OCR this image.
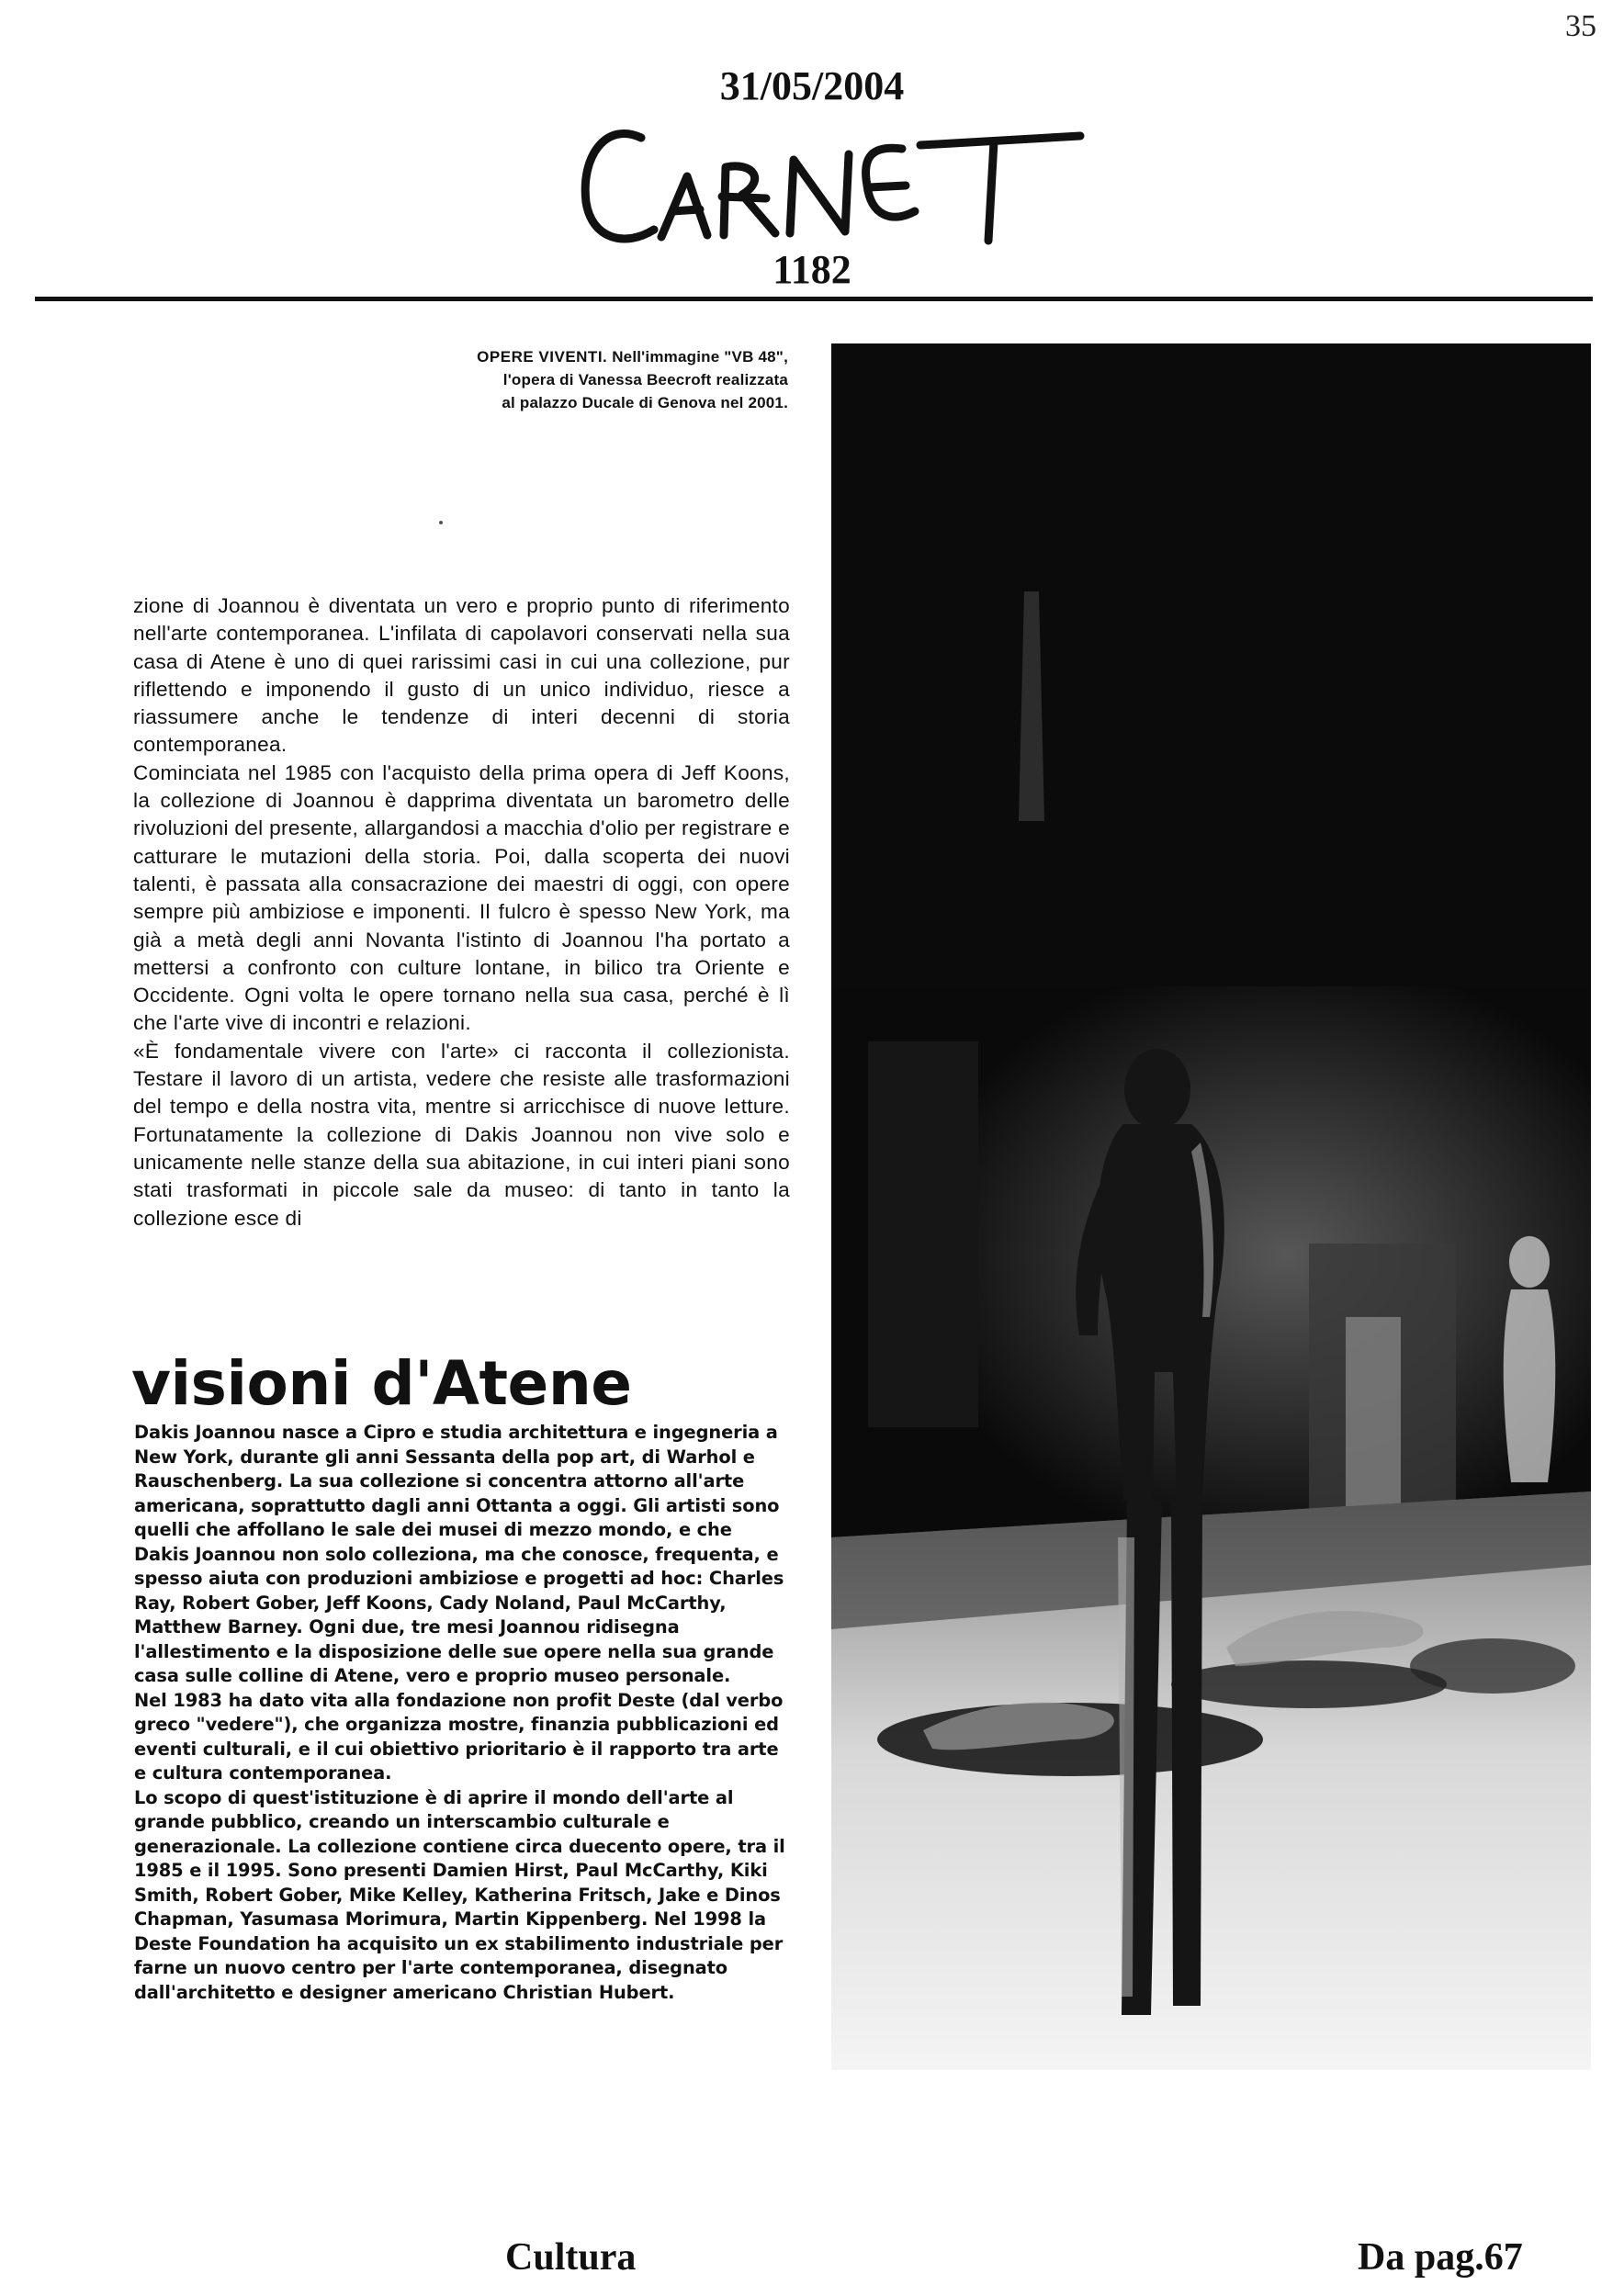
35
31/05/2004
1182
OPERE VIVENTI. Nell'immagine "VB 48",
l'opera di Vanessa Beecroft realizzata
al palazzo Ducale di Genova nel 2001.

zione di Joannou è diventata un vero e proprio punto di riferimento nell'arte contemporanea. L'infilata di capolavori conservati nella sua casa di Atene è uno di quei rarissimi casi in cui una collezione, pur riflettendo e imponendo il gusto di un unico individuo, riesce a riassumere anche le tendenze di interi decenni di storia contemporanea.

Cominciata nel 1985 con l'acquisto della prima opera di Jeff Koons, la collezione di Joannou è dapprima diventata un barometro delle rivoluzioni del presente, allargandosi a macchia d'olio per registrare e catturare le mutazioni della storia. Poi, dalla scoperta dei nuovi talenti, è passata alla consacrazione dei maestri di oggi, con opere sempre più ambiziose e imponenti. Il fulcro è spesso New York, ma già a metà degli anni Novanta l'istinto di Joannou l'ha portato a mettersi a confronto con culture lontane, in bilico tra Oriente e Occidente. Ogni volta le opere tornano nella sua casa, perché è lì che l'arte vive di incontri e relazioni.

«È fondamentale vivere con l'arte» ci racconta il collezionista. Testare il lavoro di un artista, vedere che resiste alle trasformazioni del tempo e della nostra vita, mentre si arricchisce di nuove letture. Fortunatamente la collezione di Dakis Joannou non vive solo e unicamente nelle stanze della sua abitazione, in cui interi piani sono stati trasformati in piccole sale da museo: di tanto in tanto la collezione esce di

visioni d'Atene

Dakis Joannou nasce a Cipro e studia architettura e ingegneria a New York, durante gli anni Sessanta della pop art, di Warhol e Rauschenberg. La sua collezione si concentra attorno all'arte americana, soprattutto dagli anni Ottanta a oggi. Gli artisti sono quelli che affollano le sale dei musei di mezzo mondo, e che Dakis Joannou non solo colleziona, ma che conosce, frequenta, e spesso aiuta con produzioni ambiziose e progetti ad hoc: Charles Ray, Robert Gober, Jeff Koons, Cady Noland, Paul McCarthy, Matthew Barney. Ogni due, tre mesi Joannou ridisegna l'allestimento e la disposizione delle sue opere nella sua grande casa sulle colline di Atene, vero e proprio museo personale.

Nel 1983 ha dato vita alla fondazione non profit Deste (dal verbo greco "vedere"), che organizza mostre, finanzia pubblicazioni ed eventi culturali, e il cui obiettivo prioritario è il rapporto tra arte e cultura contemporanea.

Lo scopo di quest'istituzione è di aprire il mondo dell'arte al grande pubblico, creando un interscambio culturale e generazionale. La collezione contiene circa duecento opere, tra il 1985 e il 1995. Sono presenti Damien Hirst, Paul McCarthy, Kiki Smith, Robert Gober, Mike Kelley, Katherina Fritsch, Jake e Dinos Chapman, Yasumasa Morimura, Martin Kippenberg. Nel 1998 la Deste Foundation ha acquisito un ex stabilimento industriale per farne un nuovo centro per l'arte contemporanea, disegnato dall'architetto e designer americano Christian Hubert.

Cultura	Da pag.67
